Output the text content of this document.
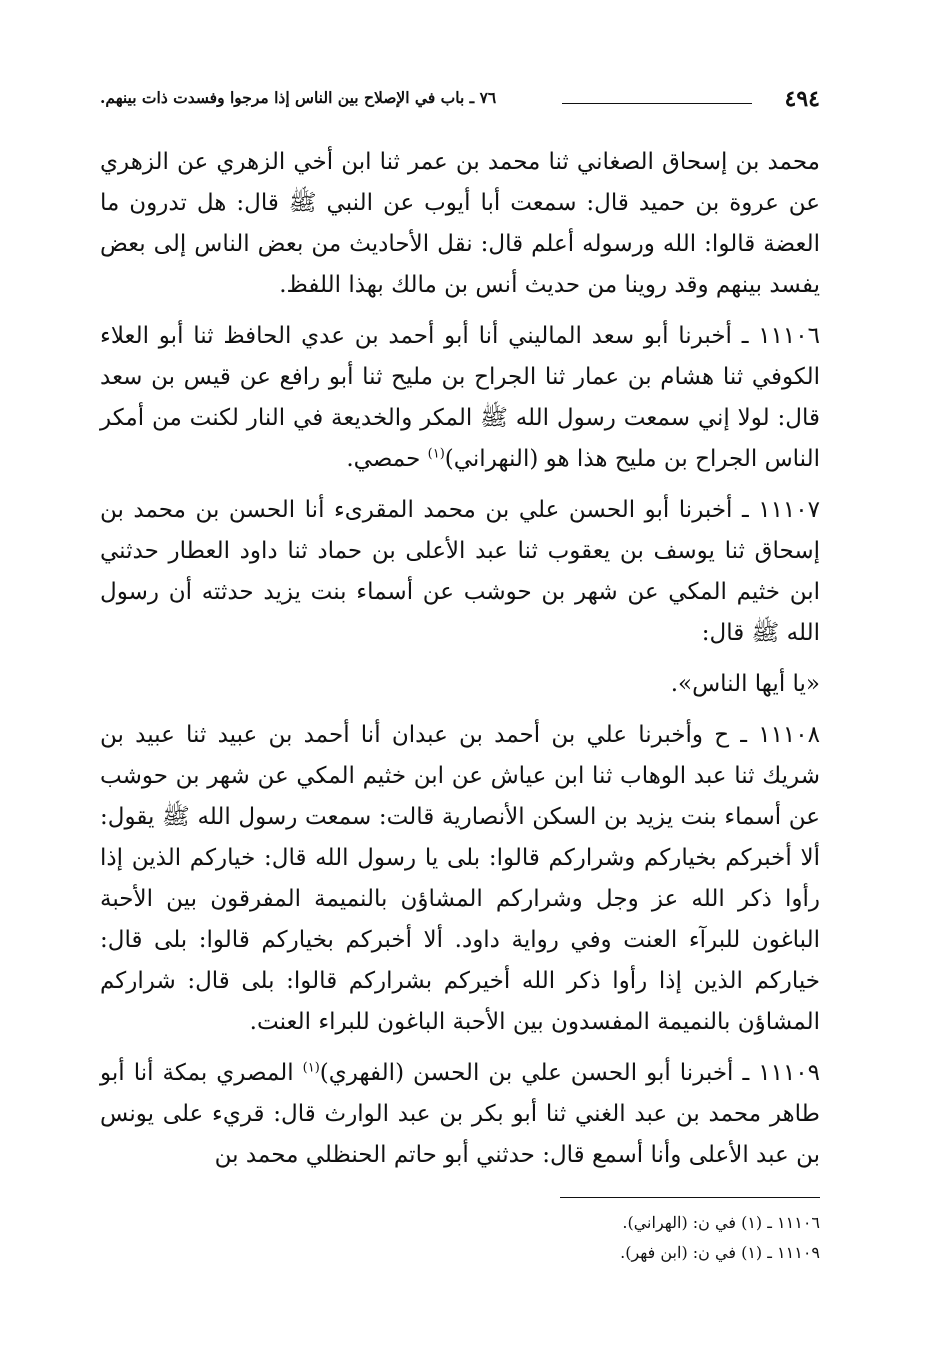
٤٩٤
٧٦ ـ باب في الإصلاح بين الناس إذا مرجوا وفسدت ذات بينهم.

محمد بن إسحاق الصغاني ثنا محمد بن عمر ثنا ابن أخي الزهري عن الزهري عن عروة بن حميد قال: سمعت أبا أيوب عن النبي ﷺ قال: هل تدرون ما العضة قالوا: الله ورسوله أعلم قال: نقل الأحاديث من بعض الناس إلى بعض يفسد بينهم وقد روينا من حديث أنس بن مالك بهذا اللفظ.

١١١٠٦ ـ أخبرنا أبو سعد الماليني أنا أبو أحمد بن عدي الحافظ ثنا أبو العلاء الكوفي ثنا هشام بن عمار ثنا الجراح بن مليح ثنا أبو رافع عن قيس بن سعد قال: لولا إني سمعت رسول الله ﷺ المكر والخديعة في النار لكنت من أمكر الناس الجراح بن مليح هذا هو (النهراني)$^{(١)}$ حمصي.

١١١٠٧ ـ أخبرنا أبو الحسن علي بن محمد المقرىء أنا الحسن بن محمد بن إسحاق ثنا يوسف بن يعقوب ثنا عبد الأعلى بن حماد ثنا داود العطار حدثني ابن خثيم المكي عن شهر بن حوشب عن أسماء بنت يزيد حدثته أن رسول الله ﷺ قال:

«يا أيها الناس».

١١١٠٨ ـ ح وأخبرنا علي بن أحمد بن عبدان أنا أحمد بن عبيد ثنا عبيد بن شريك ثنا عبد الوهاب ثنا ابن عياش عن ابن خثيم المكي عن شهر بن حوشب عن أسماء بنت يزيد بن السكن الأنصارية قالت: سمعت رسول الله ﷺ يقول: ألا أخبركم بخياركم وشراركم قالوا: بلى يا رسول الله قال: خياركم الذين إذا رأوا ذكر الله عز وجل وشراركم المشاؤن بالنميمة المفرقون بين الأحبة الباغون للبرآء العنت وفي رواية داود. ألا أخبركم بخياركم قالوا: بلى قال: خياركم الذين إذا رأوا ذكر الله أخيركم بشراركم قالوا: بلى قال: شراركم المشاؤن بالنميمة المفسدون بين الأحبة الباغون للبراء العنت.

١١١٠٩ ـ أخبرنا أبو الحسن علي بن الحسن (الفهري)$^{(١)}$ المصري بمكة أنا أبو طاهر محمد بن عبد الغني ثنا أبو بكر بن عبد الوارث قال: قريء على يونس بن عبد الأعلى وأنا أسمع قال: حدثني أبو حاتم الحنظلي محمد بن

١١١٠٦ ـ (١) في ن: (الهراني).
١١١٠٩ ـ (١) في ن: (ابن فهر).
